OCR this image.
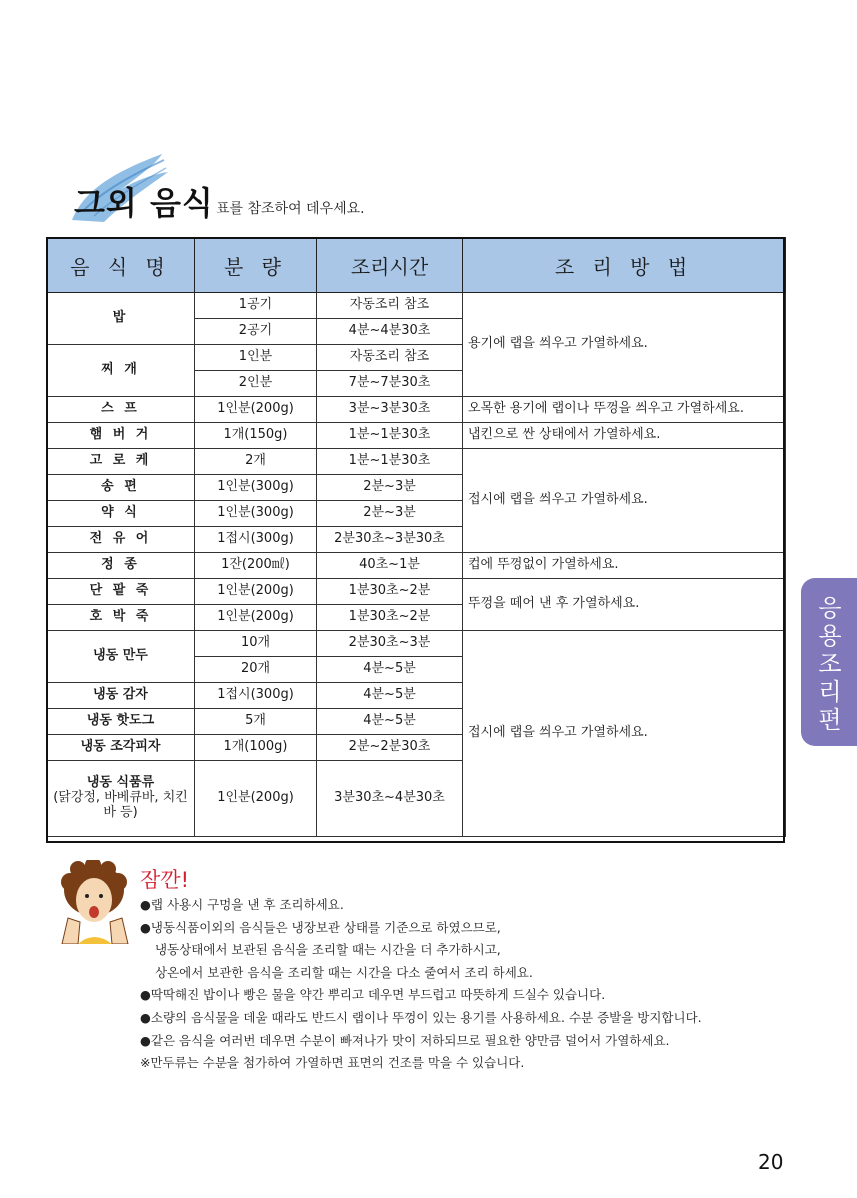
그외 음식 표를 참조하여 데우세요.
음 식 명	분 량	조리시간	조 리 방 법
밥	1공기	자동조리 참조	용기에 랩을 씌우고 가열하세요.
	2공기	4분~4분30초	
찌 개	1인분	자동조리 참조	
	2인분	7분~7분30초	
스 프	1인분(200g)	3분~3분30초	오목한 용기에 랩이나 뚜껑을 씌우고 가열하세요.
햄 버 거	1개(150g)	1분~1분30초	냅킨으로 싼 상태에서 가열하세요.
고 로 케	2개	1분~1분30초	접시에 랩을 씌우고 가열하세요.
송 편	1인분(300g)	2분~3분	
약 식	1인분(300g)	2분~3분	
전 유 어	1접시(300g)	2분30초~3분30초	
정 종	1잔(200㎖)	40초~1분	컵에 뚜껑없이 가열하세요.
단 팥 죽	1인분(200g)	1분30초~2분	뚜껑을 떼어 낸 후 가열하세요.
호 박 죽	1인분(200g)	1분30초~2분	
냉동 만두	10개	2분30초~3분	접시에 랩을 씌우고 가열하세요.
	20개	4분~5분	
냉동 감자	1접시(300g)	4분~5분	
냉동 핫도그	5개	4분~5분	
냉동 조각피자	1개(100g)	2분~2분30초	

냉동 식품류
(닭강정, 바베큐바, 치킨바 등)	1인분(200g)	3분30초~4분30초	
잠깐!
●랩 사용시 구멍을 낸 후 조리하세요.
●냉동식품이외의 음식들은 냉장보관 상태를 기준으로 하였으므로,
냉동상태에서 보관된 음식을 조리할 때는 시간을 더 추가하시고,
상온에서 보관한 음식을 조리할 때는 시간을 다소 줄여서 조리 하세요.
●딱딱해진 밥이나 빵은 물을 약간 뿌리고 데우면 부드럽고 따뜻하게 드실수 있습니다.
●소량의 음식물을 데울 때라도 반드시 랩이나 뚜껑이 있는 용기를 사용하세요. 수분 증발을 방지합니다.
●같은 음식을 여러번 데우면 수분이 빠져나가 맛이 저하되므로 필요한 양만큼 덜어서 가열하세요.
※만두류는 수분을 첨가하여 가열하면 표면의 건조를 막을 수 있습니다.
응용조리편
20
